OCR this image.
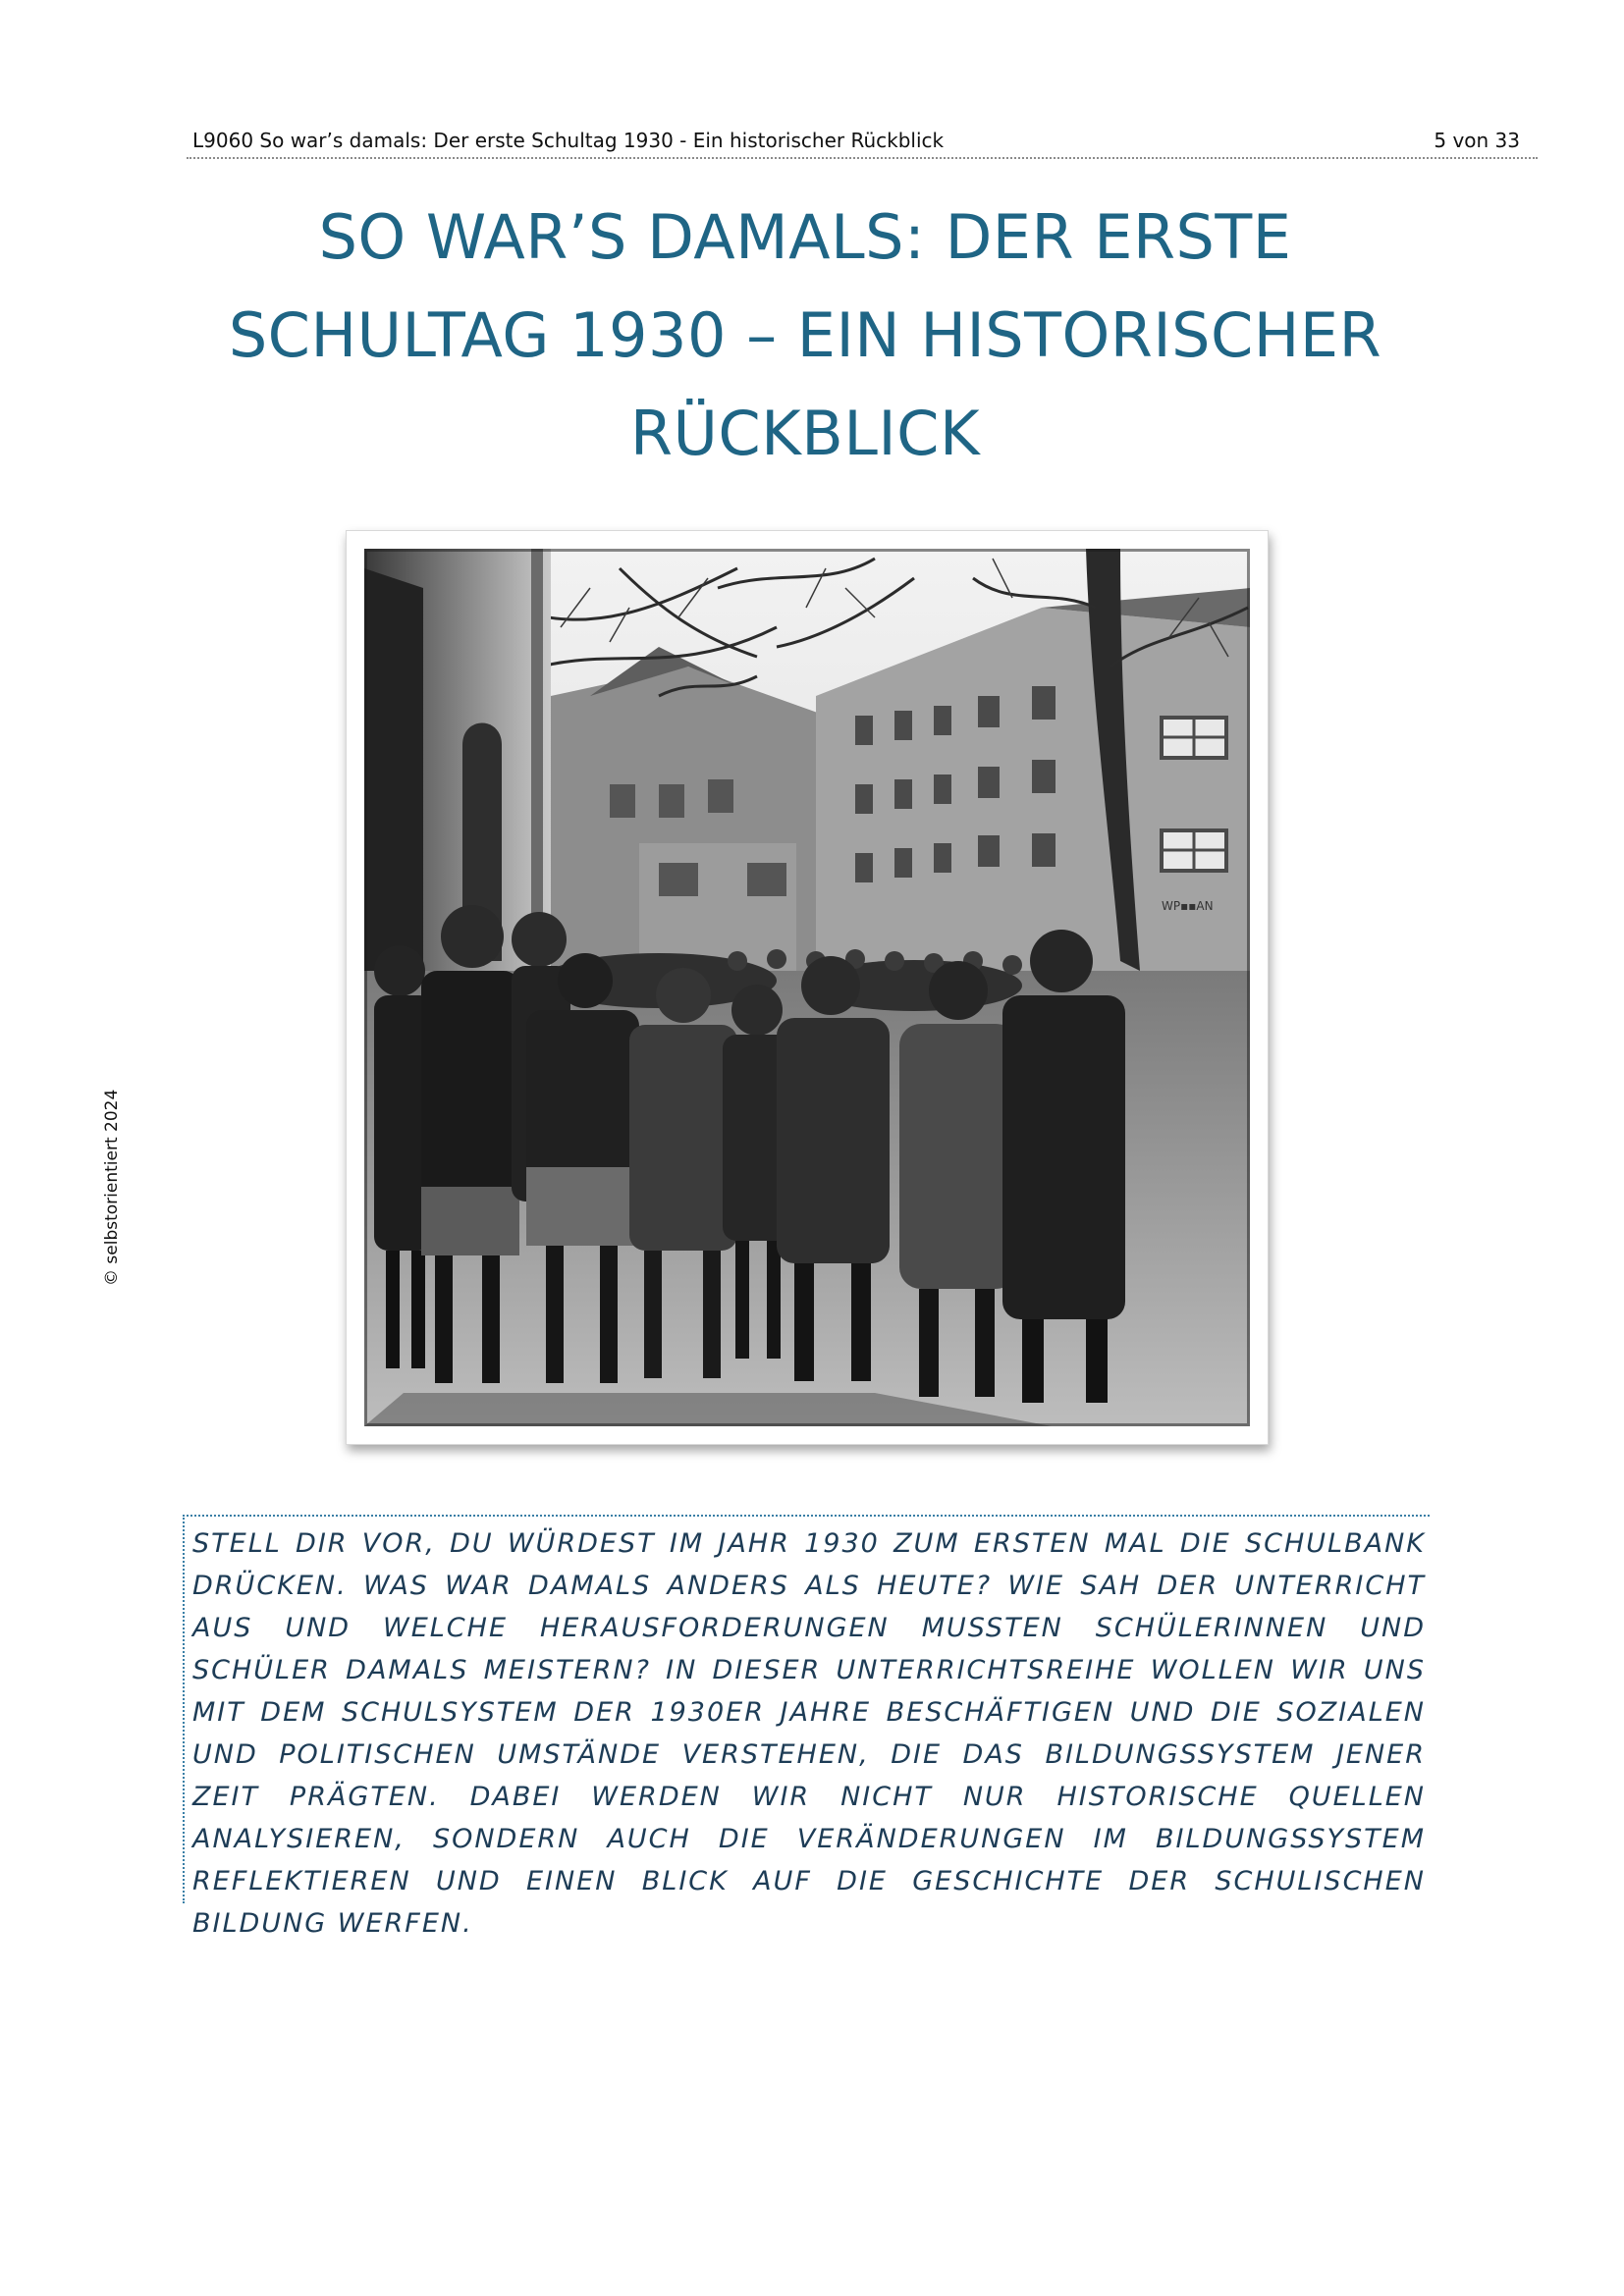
L9060 So war’s damals: Der erste Schultag 1930 - Ein historischer Rückblick	5 von 33
SO WAR’S DAMALS: DER ERSTE SCHULTAG 1930 – EIN HISTORISCHER RÜCKBLICK
WP▪▪AN
© selbstorientiert 2024

STELL DIR VOR, DU WÜRDEST IM JAHR 1930 ZUM ERSTEN MAL DIE SCHULBANK DRÜCKEN. WAS WAR DAMALS ANDERS ALS HEUTE? WIE SAH DER UNTERRICHT AUS UND WELCHE HERAUSFORDERUNGEN MUSSTEN SCHÜLERINNEN UND SCHÜLER DAMALS MEISTERN? IN DIESER UNTERRICHTSREIHE WOLLEN WIR UNS MIT DEM SCHULSYSTEM DER 1930ER JAHRE BESCHÄFTIGEN UND DIE SOZIALEN UND POLITISCHEN UMSTÄNDE VERSTEHEN, DIE DAS BILDUNGSSYSTEM JENER ZEIT PRÄGTEN. DABEI WERDEN WIR NICHT NUR HISTORISCHE QUELLEN ANALYSIEREN, SONDERN AUCH DIE VERÄNDERUNGEN IM BILDUNGSSYSTEM REFLEKTIEREN UND EINEN BLICK AUF DIE GESCHICHTE DER SCHULISCHEN BILDUNG WERFEN.
